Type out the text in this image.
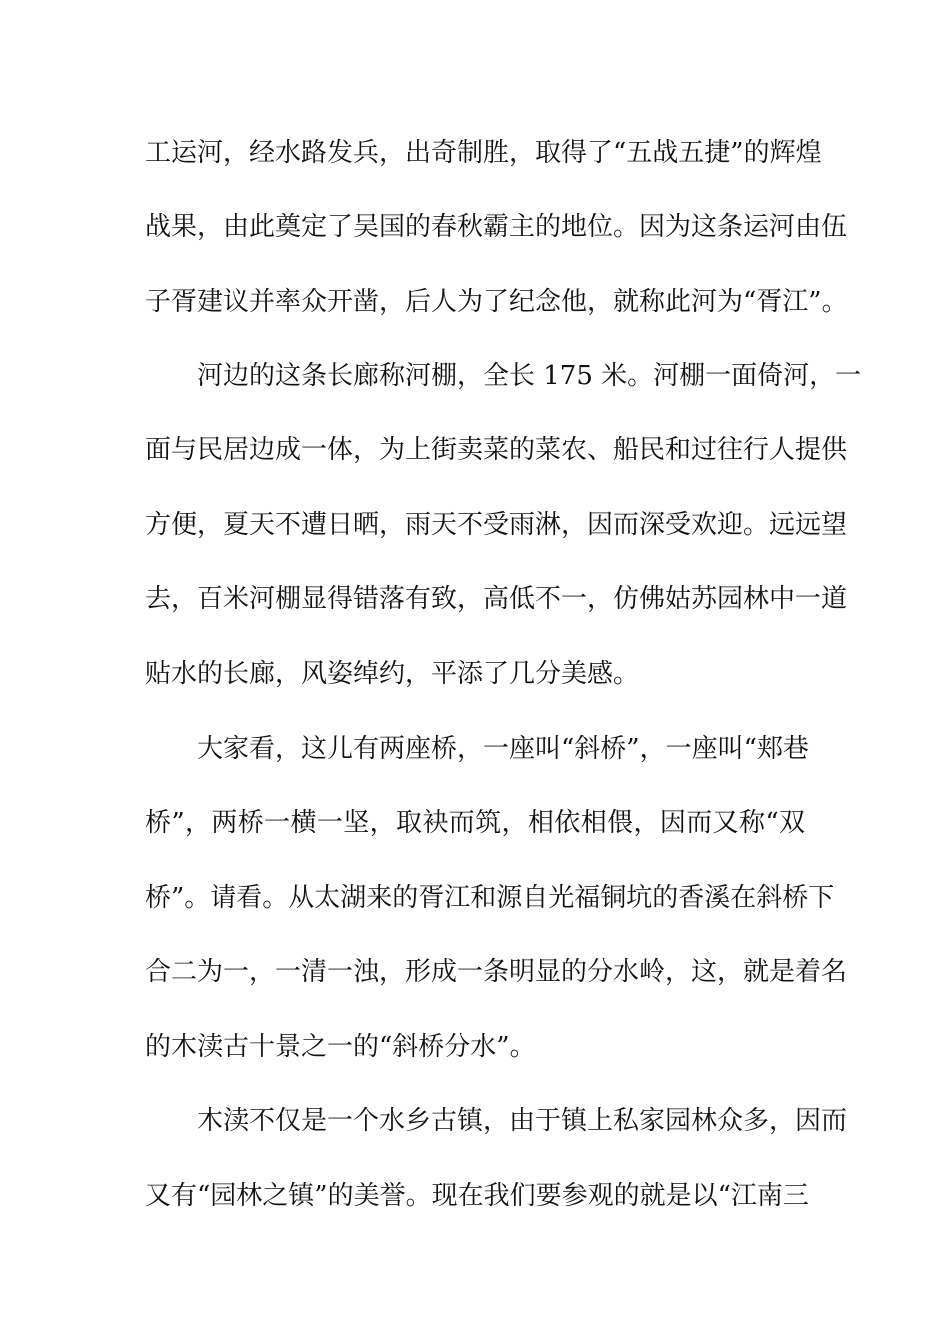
工运河，经水路发兵，出奇制胜，取得了“五战五捷”的辉煌
战果，由此奠定了吴国的春秋霸主的地位。因为这条运河由伍
子胥建议并率众开凿，后人为了纪念他，就称此河为“胥江”。
河边的这条长廊称河棚，全长 175 米。河棚一面倚河，一
面与民居边成一体，为上街卖菜的菜农、船民和过往行人提供
方便，夏天不遭日晒，雨天不受雨淋，因而深受欢迎。远远望
去，百米河棚显得错落有致，高低不一，仿佛姑苏园林中一道
贴水的长廊，风姿绰约，平添了几分美感。
大家看，这儿有两座桥，一座叫“斜桥”，一座叫“郏巷
桥”，两桥一横一坚，取袂而筑，相依相偎，因而又称“双
桥”。请看。从太湖来的胥江和源自光福铜坑的香溪在斜桥下
合二为一，一清一浊，形成一条明显的分水岭，这，就是着名
的木渎古十景之一的“斜桥分水”。
木渎不仅是一个水乡古镇，由于镇上私家园林众多，因而
又有“园林之镇”的美誉。现在我们要参观的就是以“江南三
